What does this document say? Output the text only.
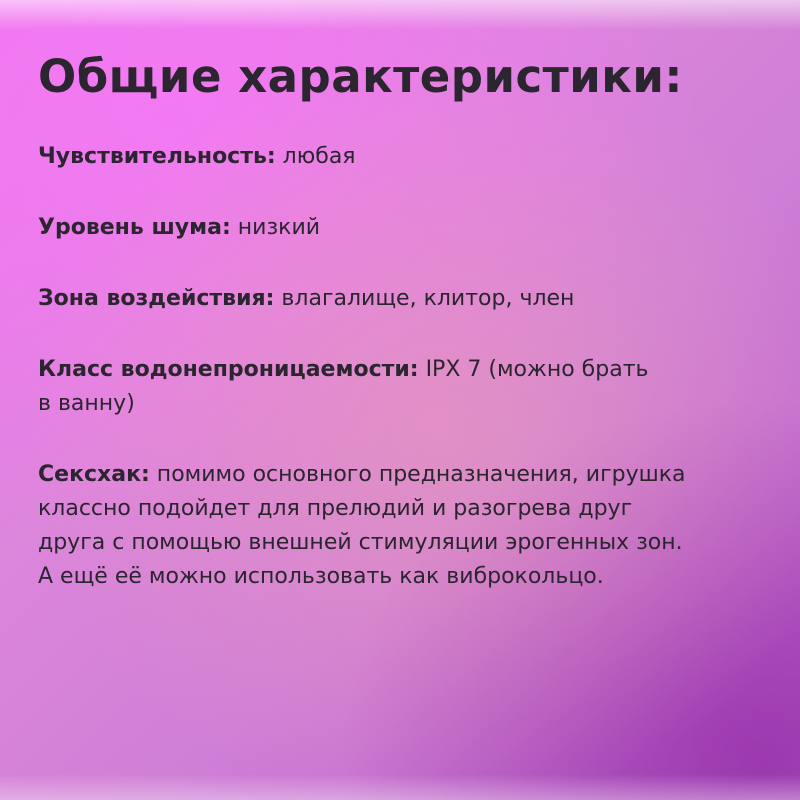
Общие характеристики:

Чувствительность: любая

Уровень шума: низкий

Зона воздействия: влагалище, клитор, член

Класс водонепроницаемости: IPX 7 (можно брать
в ванну)

Сексхак: помимо основного предназначения, игрушка
классно подойдет для прелюдий и разогрева друг
друга с помощью внешней стимуляции эрогенных зон.
А ещё её можно использовать как виброкольцо.
